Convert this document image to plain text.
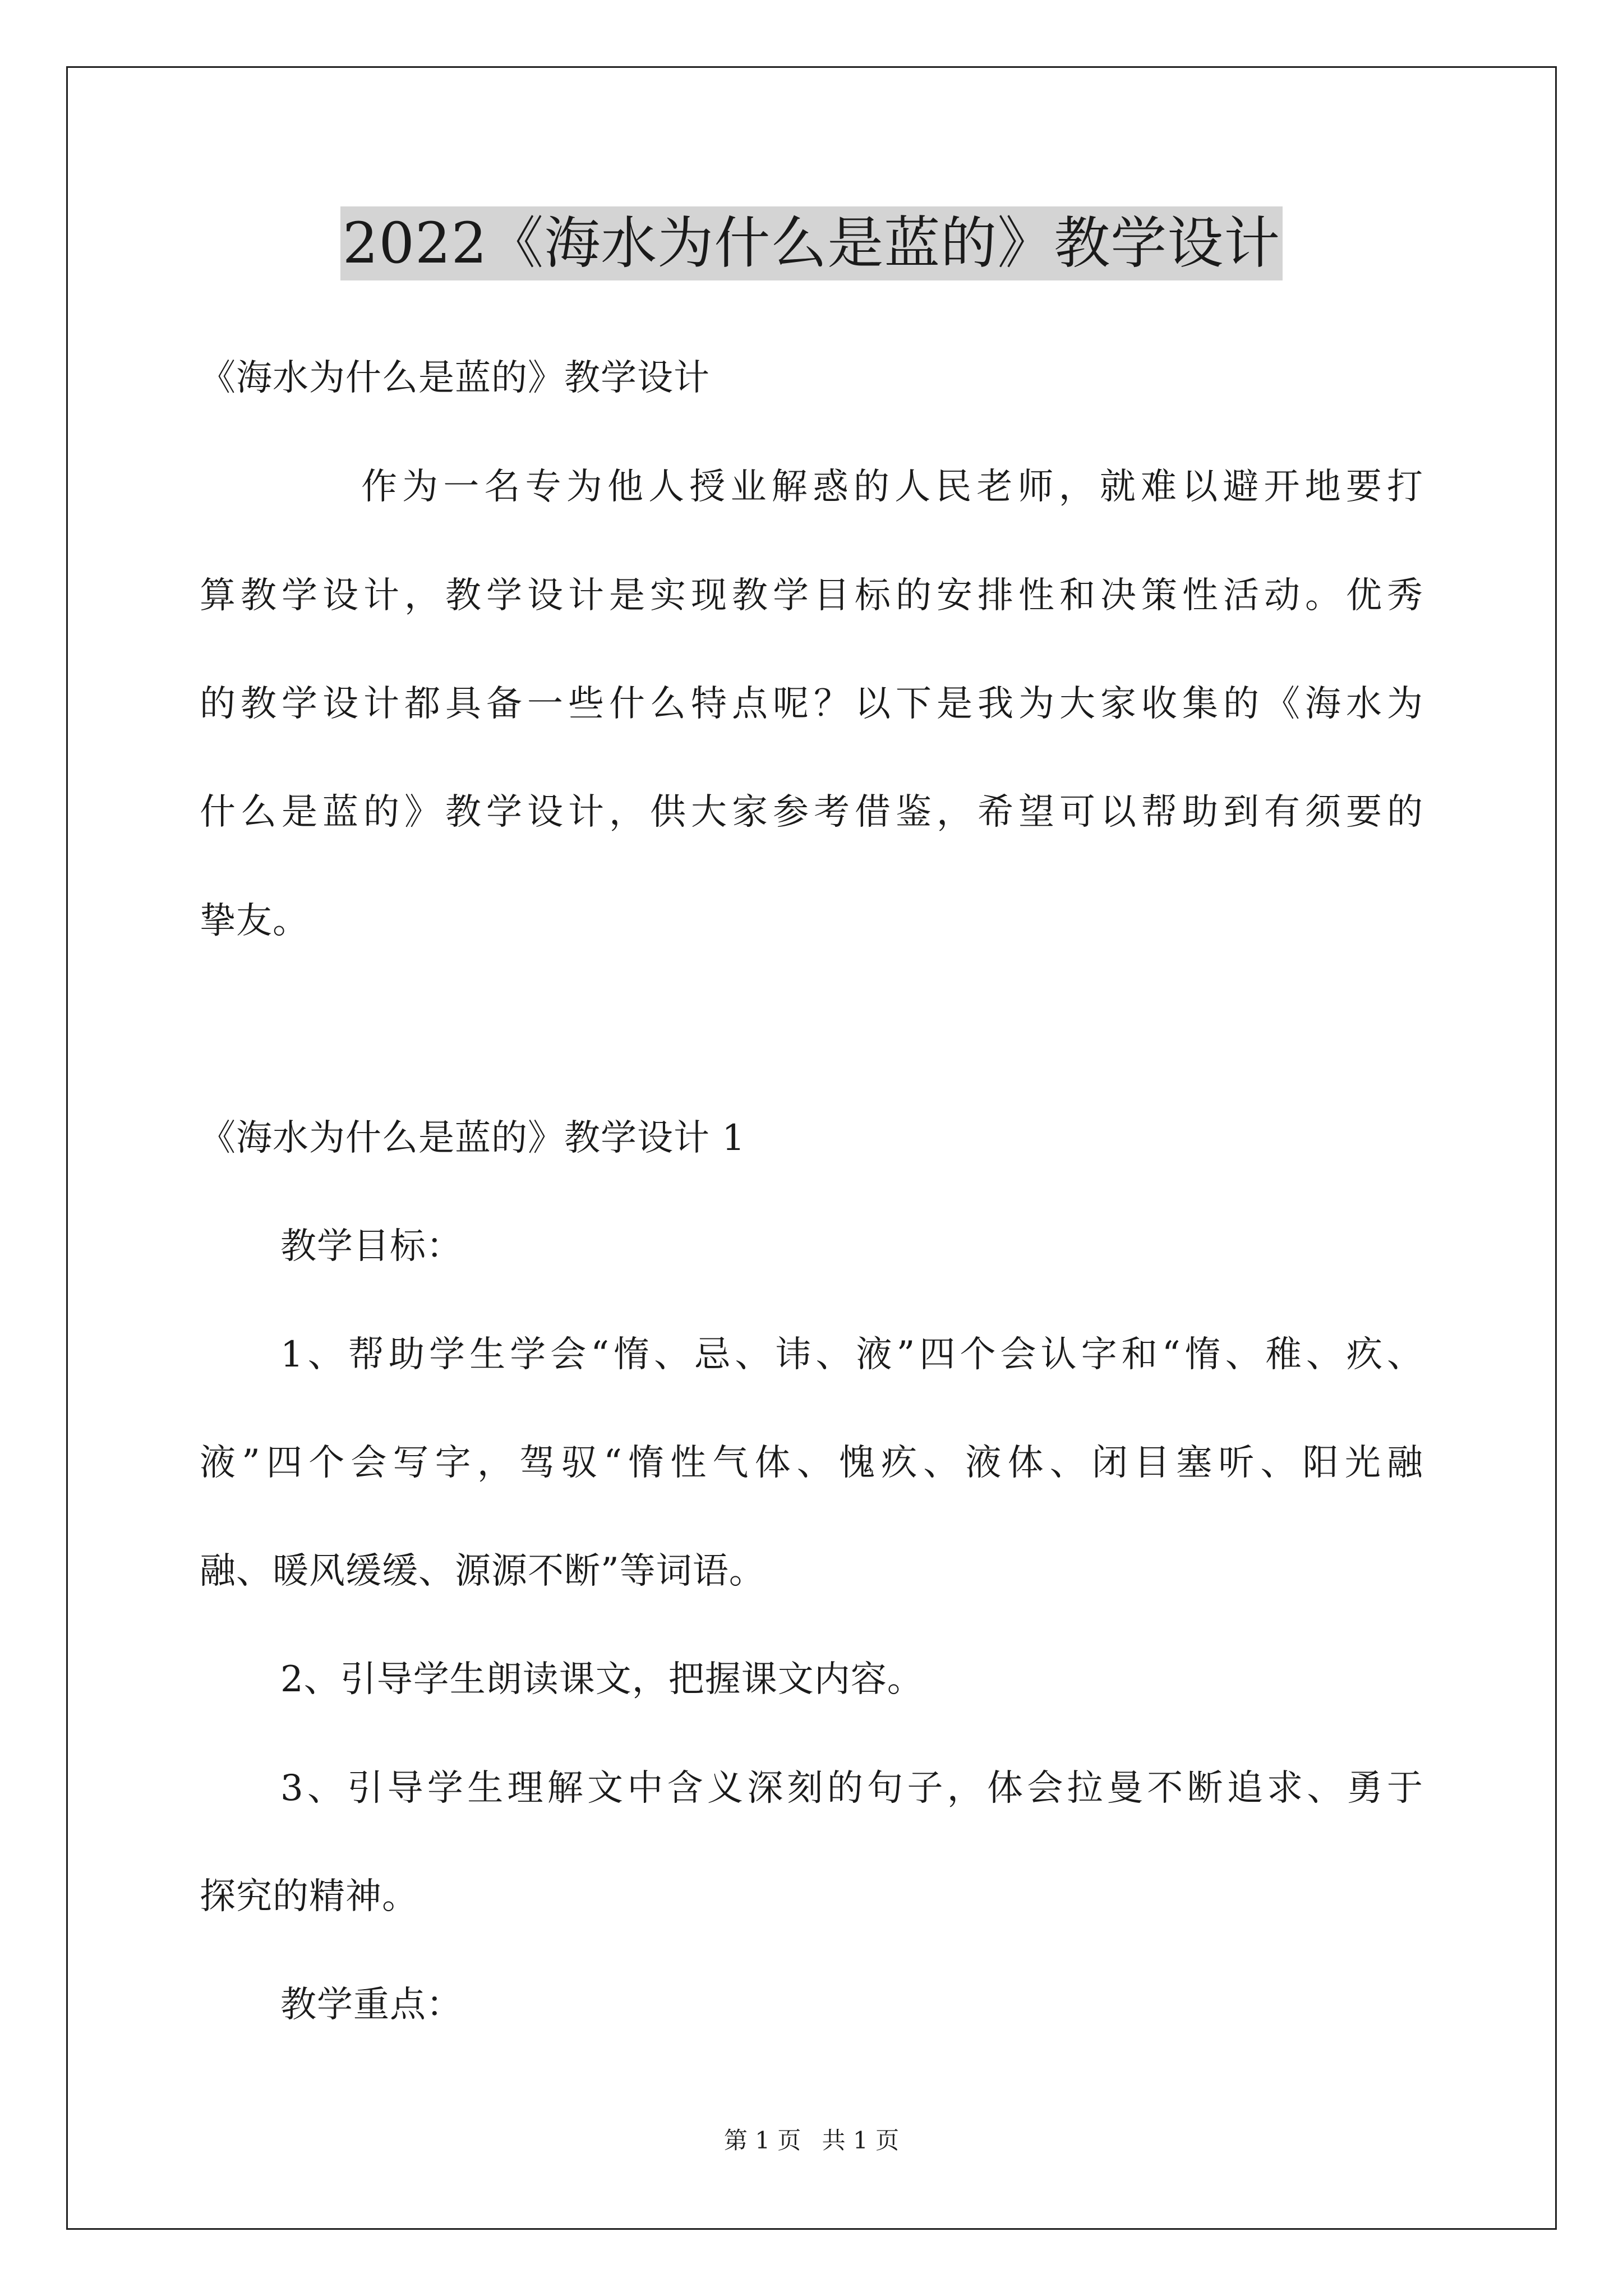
2022《海水为什么是蓝的》教学设计
《海水为什么是蓝的》教学设计
作为一名专为他人授业解惑的人民老师，就难以避开地要打
算教学设计，教学设计是实现教学目标的安排性和决策性活动。优秀
的教学设计都具备一些什么特点呢？以下是我为大家收集的《海水为
什么是蓝的》教学设计，供大家参考借鉴，希望可以帮助到有须要的
挚友。
《海水为什么是蓝的》教学设计 1
教学目标：
1、帮助学生学会“惰、忌、讳、液”四个会认字和“惰、稚、疚、
液”四个会写字，驾驭“惰性气体、愧疚、液体、闭目塞听、阳光融
融、暖风缓缓、源源不断”等词语。
2、引导学生朗读课文，把握课文内容。
3、引导学生理解文中含义深刻的句子，体会拉曼不断追求、勇于
探究的精神。
教学重点：
第 1 页 共 1 页
